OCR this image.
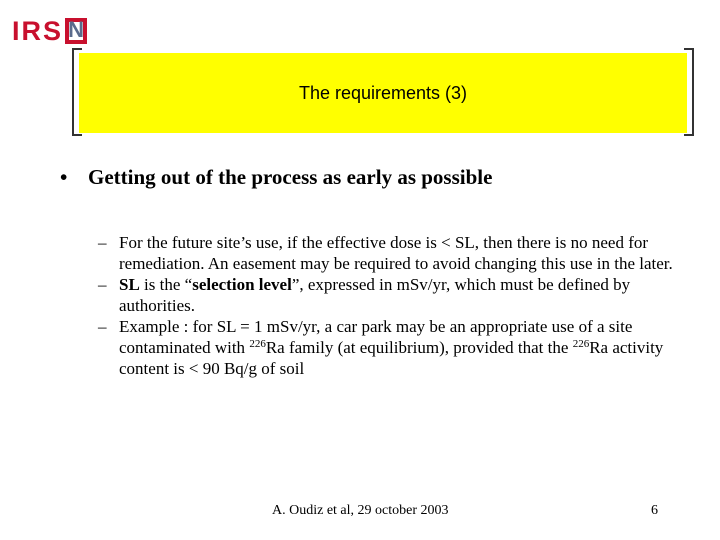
IRS N
The requirements (3)
• Getting out of the process as early as possible

– For the future site’s use, if the effective dose is < SL, then there is no need for remediation. An easement may be required to avoid changing this use in the later.

– SL is the “selection level”, expressed in mSv/yr, which must be defined by authorities.

– Example : for SL = 1 mSv/yr, a car park may be an appropriate use of a site contaminated with $^{226}$Ra family (at equilibrium), provided that the $^{226}$Ra activity content is < 90 Bq/g of soil

A. Oudiz et al, 29 october 2003	6
